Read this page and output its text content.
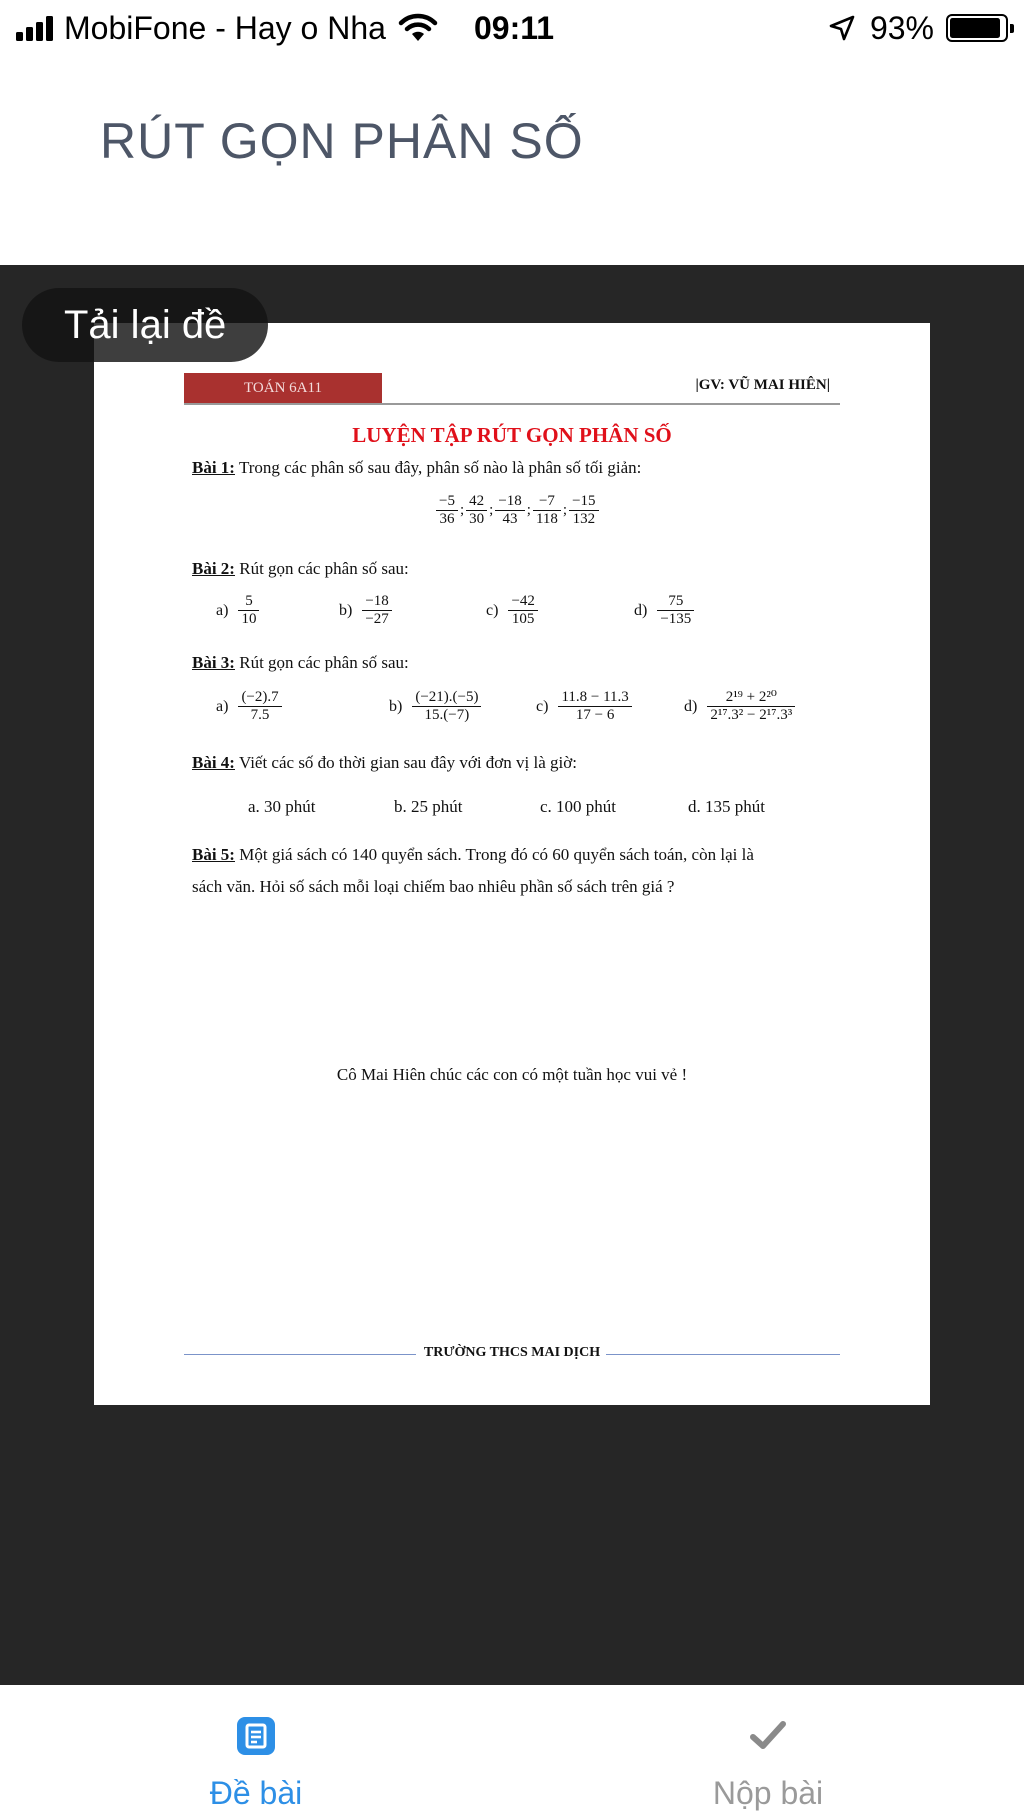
MobiFone - Hay o Nha	09:11	93%
RÚT GỌN PHÂN SỐ
Tải lại đề
TOÁN 6A11	|GV: VŨ MAI HIÊN|
LUYỆN TẬP RÚT GỌN PHÂN SỐ
Bài 1: Trong các phân số sau đây, phân số nào là phân số tối giản:
$\frac{-5}{36}$ ; $\frac{42}{30}$ ; $\frac{-18}{43}$ ; $\frac{-7}{118}$ ; $\frac{-15}{132}$
Bài 2: Rút gọn các phân số sau:
$a) \frac{5}{10}$	$b) \frac{-18}{-27}$	$c) \frac{-42}{105}$	$d) \frac{75}{-135}$
Bài 3: Rút gọn các phân số sau:
$a) \frac{(-2).7}{7.5}$	$b) \frac{(-21).(-5)}{15.(-7)}$	$c) \frac{11.8 - 11.3}{17 - 6}$	$d) \frac{\text{2¹⁹ + 2²⁰}}{\text{2¹⁷.3² − 2¹⁷.3³}}$
Bài 4: Viết các số đo thời gian sau đây với đơn vị là giờ:
a. 30 phút	b. 25 phút	c. 100 phút	d. 135 phút
Bài 5: Một giá sách có 140 quyển sách. Trong đó có 60 quyển sách toán, còn lại là
sách văn. Hỏi số sách mỗi loại chiếm bao nhiêu phần số sách trên giá ?
Cô Mai Hiên chúc các con có một tuần học vui vẻ !
TRƯỜNG THCS MAI DỊCH
Đề bài	Nộp bài
